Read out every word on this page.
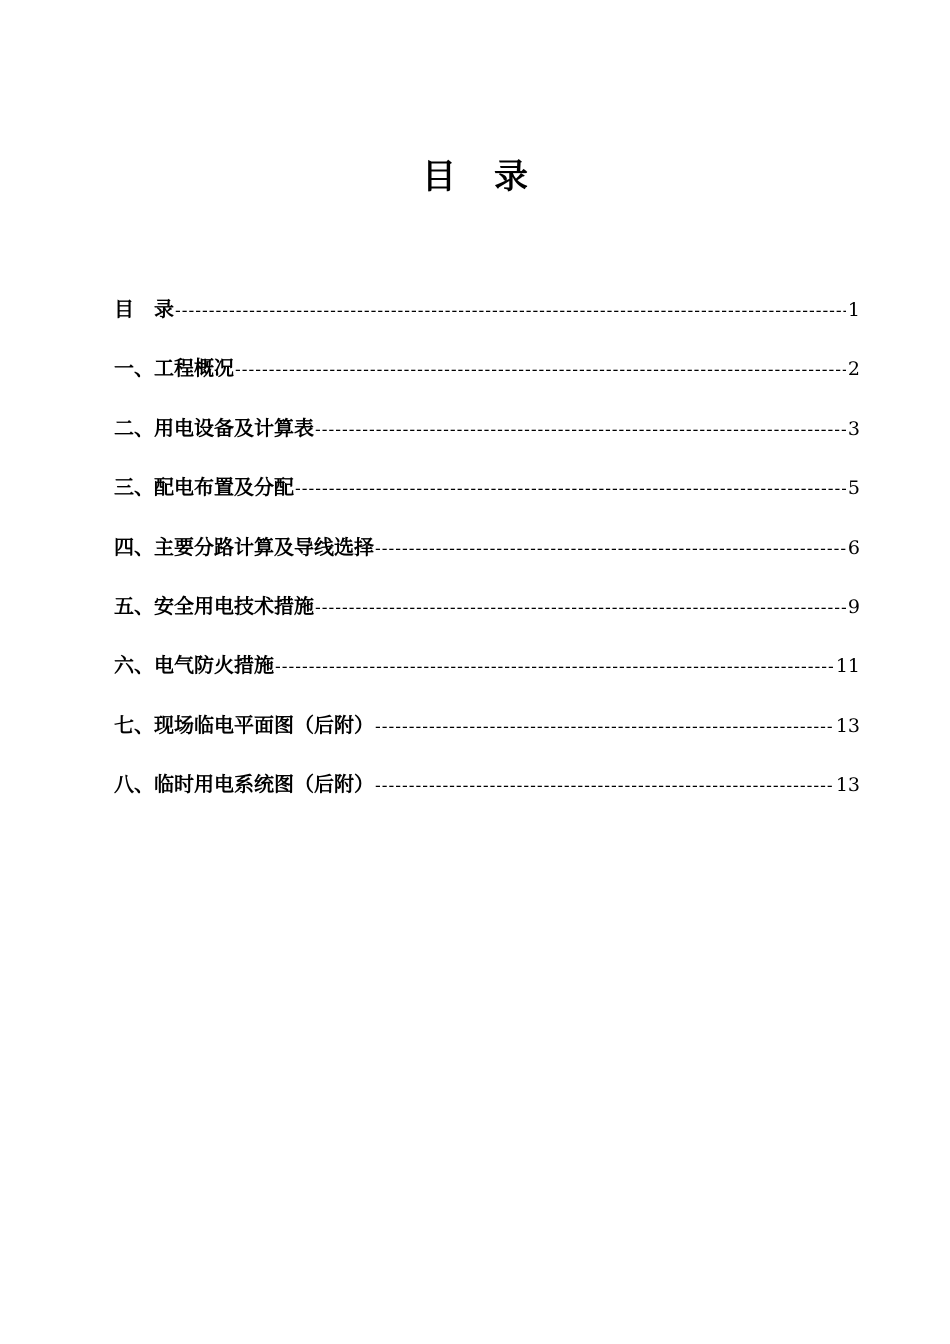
目 录
目　录 -----	1
一、工程概况 -----	2
二、用电设备及计算表 -----	3
三、配电布置及分配 -----	5
四、主要分路计算及导线选择 -----	6
五、安全用电技术措施 -----	9
六、电气防火措施 -----	11
七、现场临电平面图（后附） -----	13
八、临时用电系统图（后附） -----	13
